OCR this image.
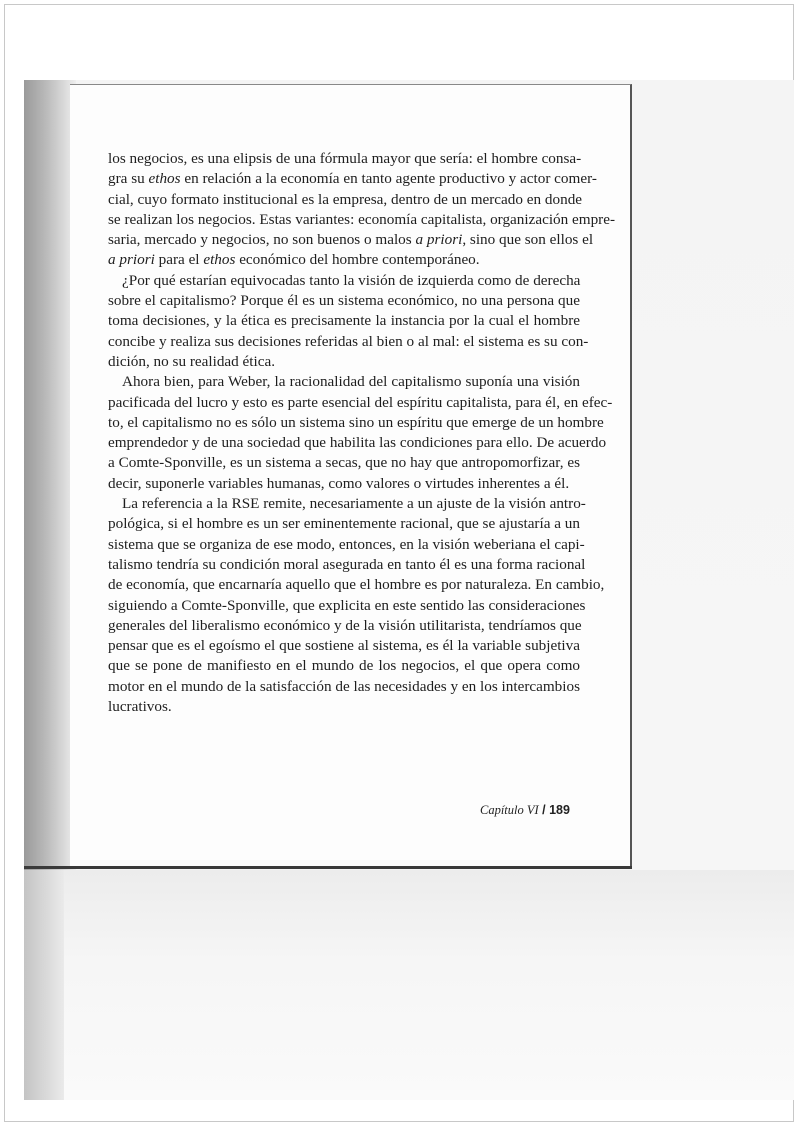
los negocios, es una elipsis de una fórmula mayor que sería: el hombre consa-
gra su ethos en relación a la economía en tanto agente productivo y actor comer-
cial, cuyo formato institucional es la empresa, dentro de un mercado en donde
se realizan los negocios. Estas variantes: economía capitalista, organización empre-
saria, mercado y negocios, no son buenos o malos a priori, sino que son ellos el
a priori para el ethos económico del hombre contemporáneo.
¿Por qué estarían equivocadas tanto la visión de izquierda como de derecha
sobre el capitalismo? Porque él es un sistema económico, no una persona que
toma decisiones, y la ética es precisamente la instancia por la cual el hombre
concibe y realiza sus decisiones referidas al bien o al mal: el sistema es su con-
dición, no su realidad ética.
Ahora bien, para Weber, la racionalidad del capitalismo suponía una visión
pacificada del lucro y esto es parte esencial del espíritu capitalista, para él, en efec-
to, el capitalismo no es sólo un sistema sino un espíritu que emerge de un hombre
emprendedor y de una sociedad que habilita las condiciones para ello. De acuerdo
a Comte-Sponville, es un sistema a secas, que no hay que antropomorfizar, es
decir, suponerle variables humanas, como valores o virtudes inherentes a él.
La referencia a la RSE remite, necesariamente a un ajuste de la visión antro-
pológica, si el hombre es un ser eminentemente racional, que se ajustaría a un
sistema que se organiza de ese modo, entonces, en la visión weberiana el capi-
talismo tendría su condición moral asegurada en tanto él es una forma racional
de economía, que encarnaría aquello que el hombre es por naturaleza. En cambio,
siguiendo a Comte-Sponville, que explicita en este sentido las consideraciones
generales del liberalismo económico y de la visión utilitarista, tendríamos que
pensar que es el egoísmo el que sostiene al sistema, es él la variable subjetiva
que se pone de manifiesto en el mundo de los negocios, el que opera como
motor en el mundo de la satisfacción de las necesidades y en los intercambios
lucrativos.
Capítulo VI / 189
